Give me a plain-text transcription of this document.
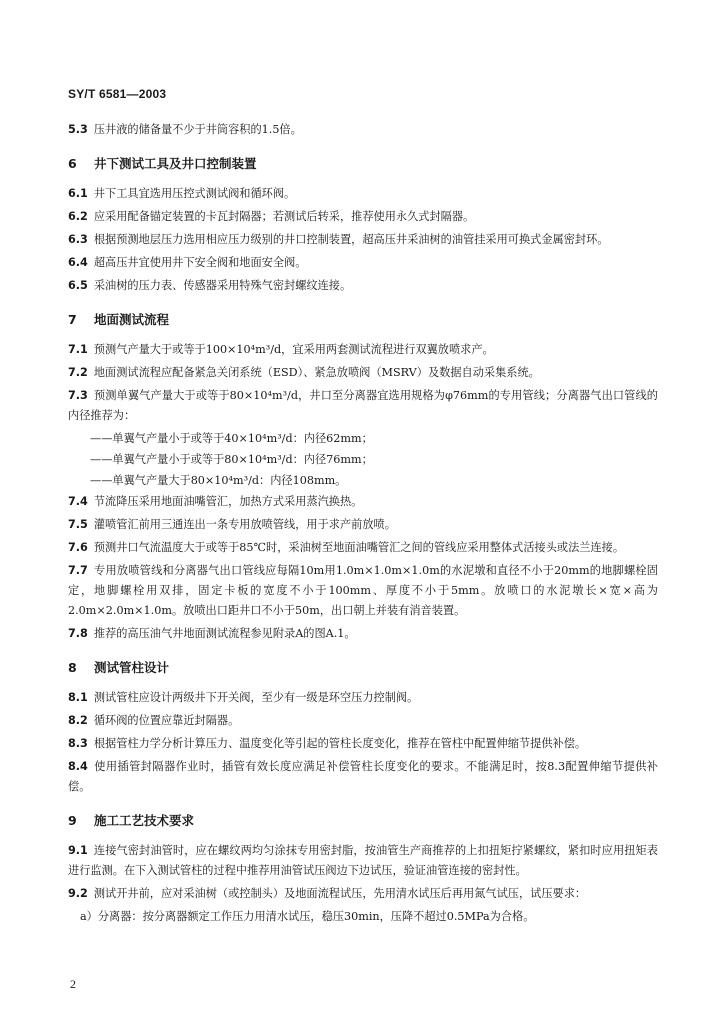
SY/T 6581—2003

5.3 压井液的储备量不少于井筒容积的1.5倍。

6 井下测试工具及井口控制装置

6.1 井下工具宜选用压控式测试阀和循环阀。

6.2 应采用配备锚定装置的卡瓦封隔器；若测试后转采，推荐使用永久式封隔器。

6.3 根据预测地层压力选用相应压力级别的井口控制装置，超高压井采油树的油管挂采用可换式金属密封环。

6.4 超高压井宜使用井下安全阀和地面安全阀。

6.5 采油树的压力表、传感器采用特殊气密封螺纹连接。

7 地面测试流程

7.1 预测气产量大于或等于100×10⁴m³/d，宜采用两套测试流程进行双翼放喷求产。

7.2 地面测试流程应配备紧急关闭系统（ESD）、紧急放喷阀（MSRV）及数据自动采集系统。

7.3 预测单翼气产量大于或等于80×10⁴m³/d，井口至分离器宜选用规格为φ76mm的专用管线；分离器气出口管线的内径推荐为：

——单翼气产量小于或等于40×10⁴m³/d：内径62mm；

——单翼气产量小于或等于80×10⁴m³/d：内径76mm；

——单翼气产量大于80×10⁴m³/d：内径108mm。

7.4 节流降压采用地面油嘴管汇，加热方式采用蒸汽换热。

7.5 灌喷管汇前用三通连出一条专用放喷管线，用于求产前放喷。

7.6 预测井口气流温度大于或等于85℃时，采油树至地面油嘴管汇之间的管线应采用整体式活接头或法兰连接。

7.7 专用放喷管线和分离器气出口管线应每隔10m用1.0m×1.0m×1.0m的水泥墩和直径不小于20mm的地脚螺栓固定，地脚螺栓用双排，固定卡板的宽度不小于100mm、厚度不小于5mm。放喷口的水泥墩长×宽×高为2.0m×2.0m×1.0m。放喷出口距井口不小于50m，出口朝上并装有消音装置。

7.8 推荐的高压油气井地面测试流程参见附录A的图A.1。

8 测试管柱设计

8.1 测试管柱应设计两级井下开关阀，至少有一级是环空压力控制阀。

8.2 循环阀的位置应靠近封隔器。

8.3 根据管柱力学分析计算压力、温度变化等引起的管柱长度变化，推荐在管柱中配置伸缩节提供补偿。

8.4 使用插管封隔器作业时，插管有效长度应满足补偿管柱长度变化的要求。不能满足时，按8.3配置伸缩节提供补偿。

9 施工工艺技术要求

9.1 连接气密封油管时，应在螺纹两均匀涂抹专用密封脂，按油管生产商推荐的上扣扭矩拧紧螺纹，紧扣时应用扭矩表进行监测。在下入测试管柱的过程中推荐用油管试压阀边下边试压，验证油管连接的密封性。

9.2 测试开井前，应对采油树（或控制头）及地面流程试压，先用清水试压后再用氮气试压，试压要求：

a）分离器：按分离器额定工作压力用清水试压，稳压30min，压降不超过0.5MPa为合格。

2
